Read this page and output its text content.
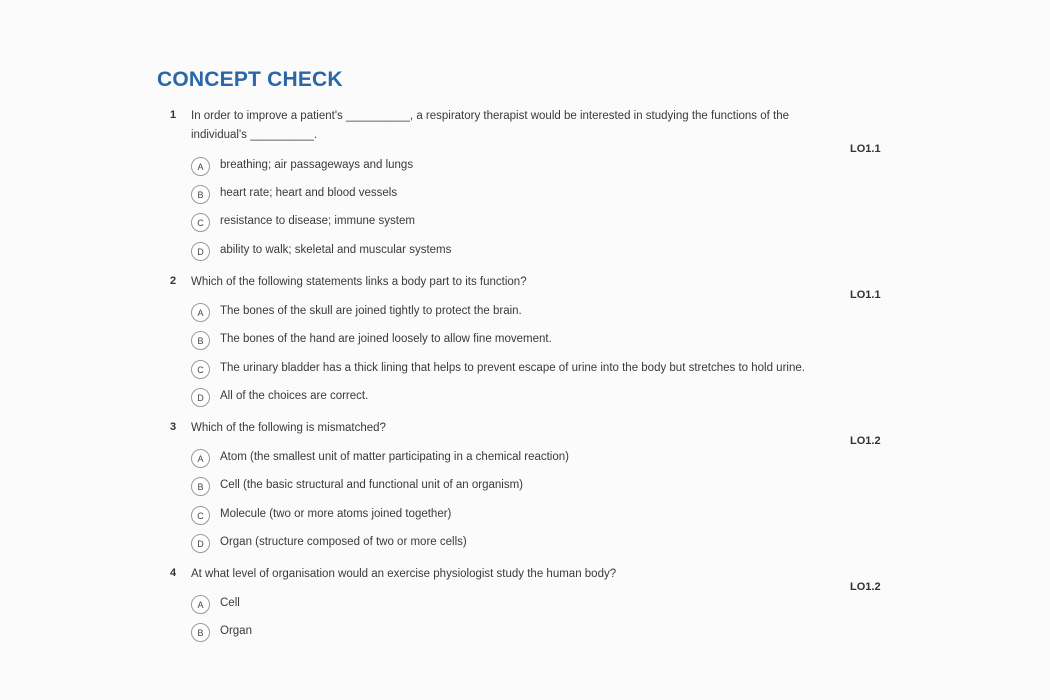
CONCEPT CHECK
1 In order to improve a patient's __________, a respiratory therapist would be interested in studying the functions of the individual's __________.
LO1.1
A	breathing; air passageways and lungs
B	heart rate; heart and blood vessels
C	resistance to disease; immune system
D	ability to walk; skeletal and muscular systems
2 Which of the following statements links a body part to its function?
LO1.1
A	The bones of the skull are joined tightly to protect the brain.
B	The bones of the hand are joined loosely to allow fine movement.
C	The urinary bladder has a thick lining that helps to prevent escape of urine into the body but stretches to hold urine.
D	All of the choices are correct.
3 Which of the following is mismatched?
LO1.2
A	Atom (the smallest unit of matter participating in a chemical reaction)
B	Cell (the basic structural and functional unit of an organism)
C	Molecule (two or more atoms joined together)
D	Organ (structure composed of two or more cells)
4 At what level of organisation would an exercise physiologist study the human body?
LO1.2
A	Cell
B	Organ
